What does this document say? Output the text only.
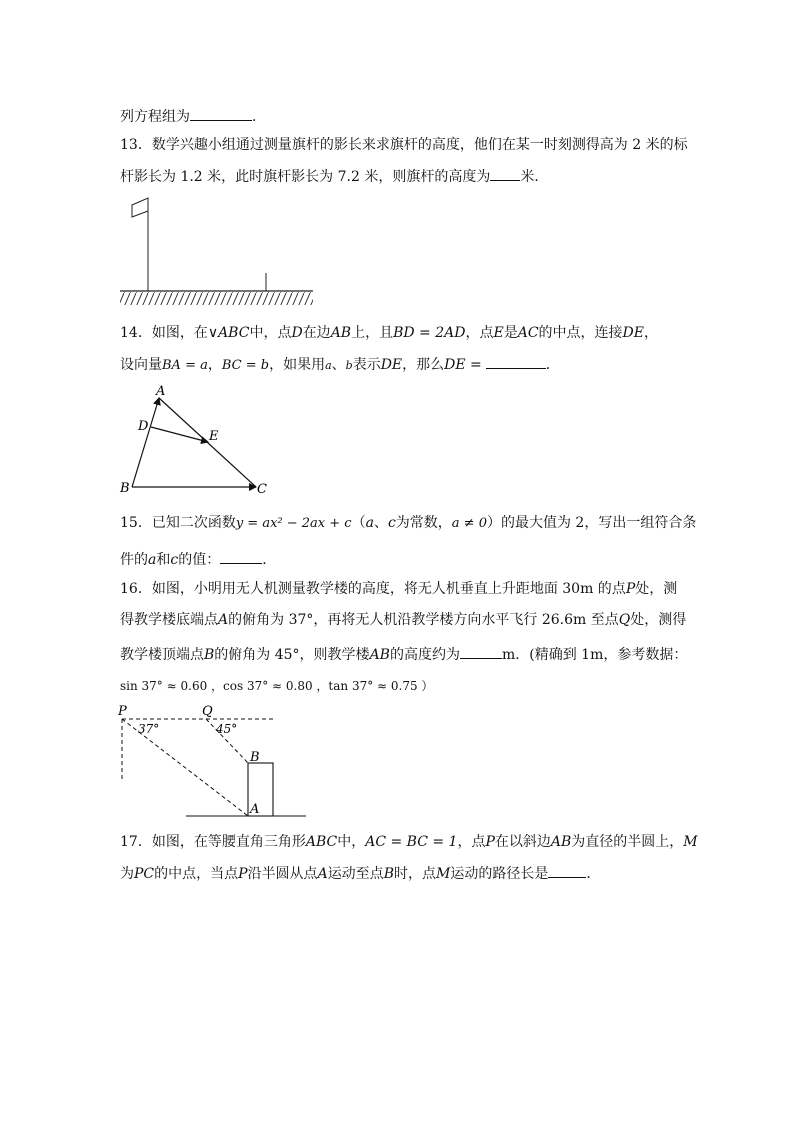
列方程组为	．
13．数学兴趣小组通过测量旗杆的影长来求旗杆的高度，他们在某一时刻测得高为 2 米的标
杆影长为 1.2 米，此时旗杆影长为 7.2 米，则旗杆的高度为 米．
14．如图，在∨ABC中，点D在边AB上，且BD = 2AD，点E是AC的中点，连接DE，
设向量BA = a，BC = b，如果用a、b表示DE，那么DE =	．
A
B	C
D
E
15．已知二次函数y = ax² − 2ax + c（a、c为常数，a ≠ 0）的最大值为 2，写出一组符合条
件的a和c的值：	．
16．如图，小明用无人机测量教学楼的高度，将无人机垂直上升距地面 30m 的点P处，测
得教学楼底端点A的俯角为 37°，再将无人机沿教学楼方向水平飞行 26.6m 至点Q处，测得
教学楼顶端点B的俯角为 45°，则教学楼AB的高度约为	m．(精确到 1m，参考数据：
sin 37° ≈ 0.60 ，cos 37° ≈ 0.80 ，tan 37° ≈ 0.75 ）
P	Q
37°	45°
B
A
17．如图，在等腰直角三角形ABC中，AC = BC = 1，点P在以斜边AB为直径的半圆上，M
为PC的中点，当点P沿半圆从点A运动至点B时，点M运动的路径长是	．
